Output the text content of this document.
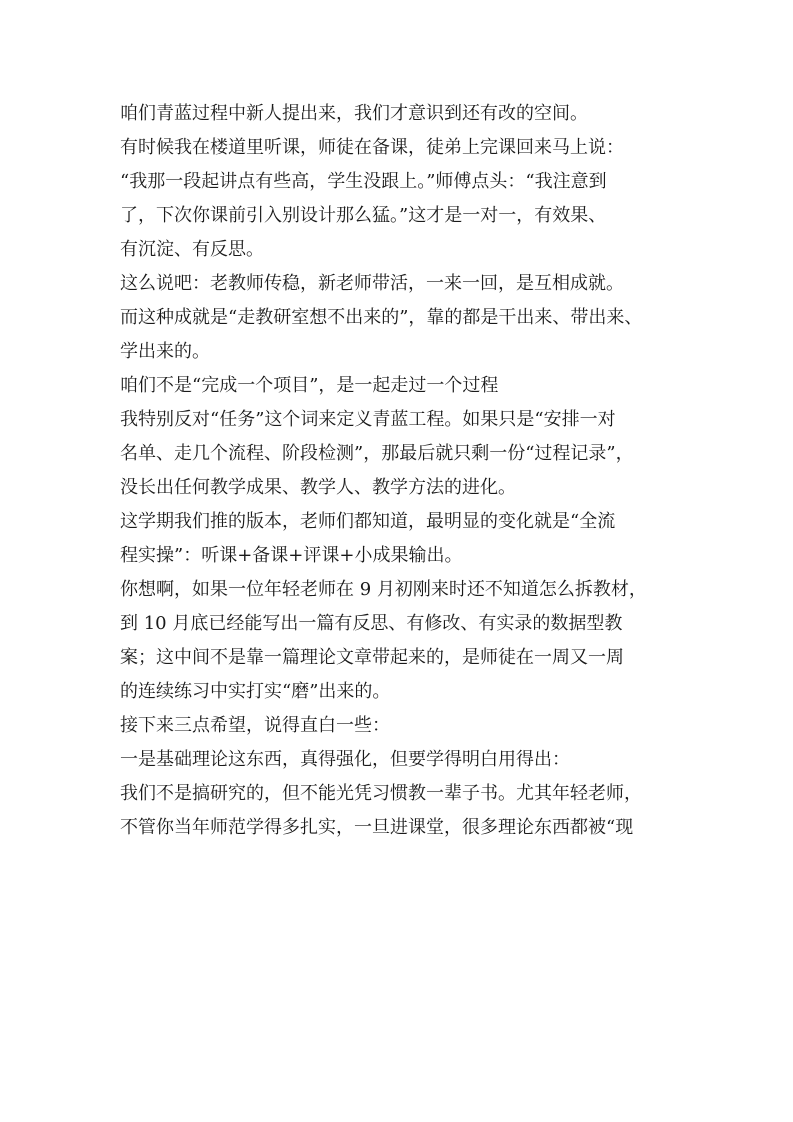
咱们青蓝过程中新人提出来，我们才意识到还有改的空间。

有时候我在楼道里听课，师徒在备课，徒弟上完课回来马上说：

“我那一段起讲点有些高，学生没跟上。”师傅点头：“我注意到

了，下次你课前引入别设计那么猛。”这才是一对一，有效果、

有沉淀、有反思。

这么说吧：老教师传稳，新老师带活，一来一回，是互相成就。

而这种成就是“走教研室想不出来的”，靠的都是干出来、带出来、

学出来的。

咱们不是“完成一个项目”，是一起走过一个过程

我特别反对“任务”这个词来定义青蓝工程。如果只是“安排一对

名单、走几个流程、阶段检测”，那最后就只剩一份“过程记录”，

没长出任何教学成果、教学人、教学方法的进化。

这学期我们推的版本，老师们都知道，最明显的变化就是“全流

程实操”：听课+备课+评课+小成果输出。

你想啊，如果一位年轻老师在 9 月初刚来时还不知道怎么拆教材，

到 10 月底已经能写出一篇有反思、有修改、有实录的数据型教

案；这中间不是靠一篇理论文章带起来的，是师徒在一周又一周

的连续练习中实打实“磨”出来的。

接下来三点希望，说得直白一些：

一是基础理论这东西，真得强化，但要学得明白用得出：

我们不是搞研究的，但不能光凭习惯教一辈子书。尤其年轻老师，

不管你当年师范学得多扎实，一旦进课堂，很多理论东西都被“现
